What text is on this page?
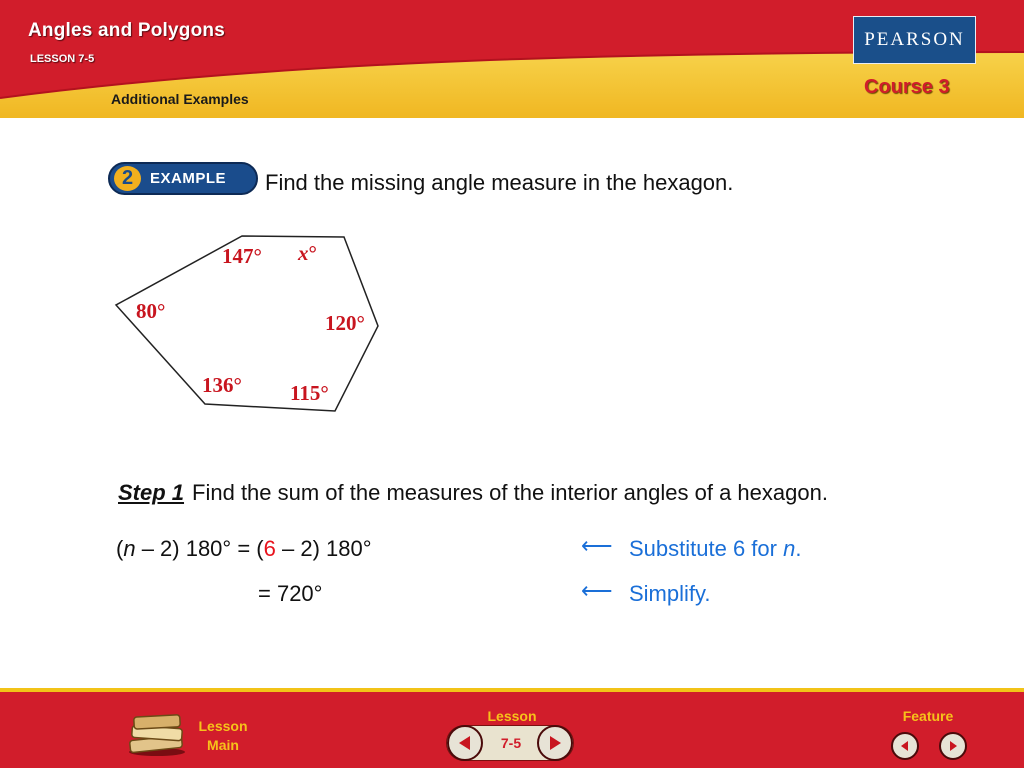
Angles and Polygons
LESSON 7-5
Additional Examples
PEARSON
Course 3
2	EXAMPLE Find the missing angle measure in the hexagon.
147° x°
80°	120°
136° 115°
Step 1 Find the sum of the measures of the interior angles of a hexagon.
(n – 2) 180° = (6 – 2) 180°
= 720°
⟵ Substitute 6 for n.
⟵ Simplify.
Lesson
Main
Lesson
7-5
Feature
